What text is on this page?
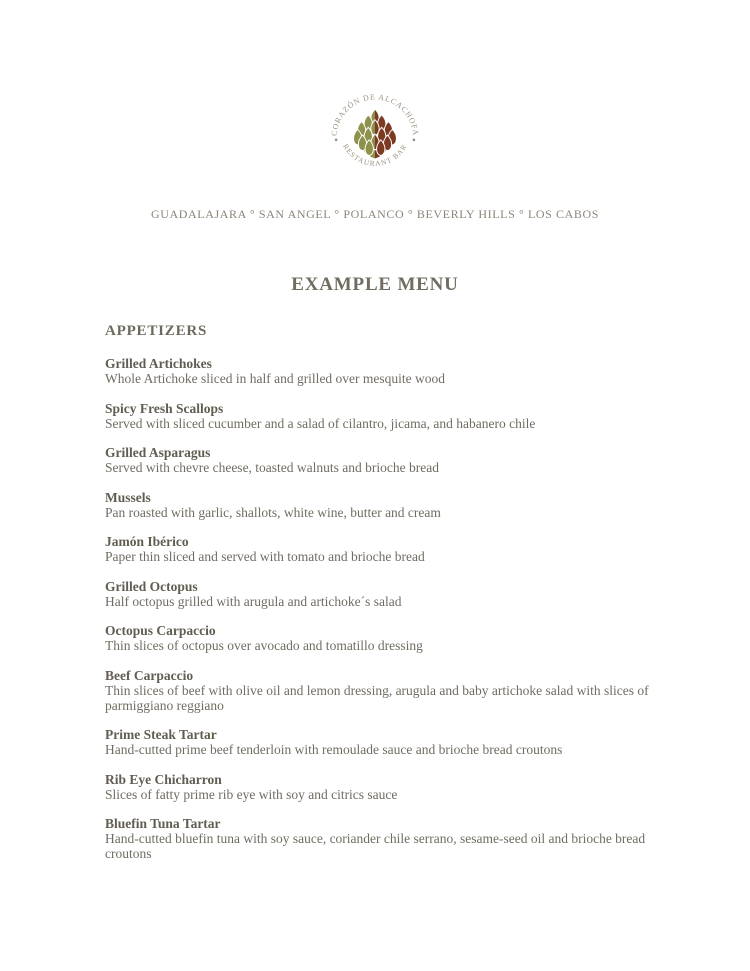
CORAZÓN DE ALCACHOFA
RESTAURANT BAR
GUADALAJARA ° SAN ANGEL ° POLANCO ° BEVERLY HILLS ° LOS CABOS
EXAMPLE MENU
APPETIZERS
Grilled Artichokes
Whole Artichoke sliced in half and grilled over mesquite wood
Spicy Fresh Scallops
Served with sliced cucumber and a salad of cilantro, jicama, and habanero chile
Grilled Asparagus
Served with chevre cheese, toasted walnuts and brioche bread
Mussels
Pan roasted with garlic, shallots, white wine, butter and cream
Jamón Ibérico
Paper thin sliced and served with tomato and brioche bread
Grilled Octopus
Half octopus grilled with arugula and artichoke´s salad
Octopus Carpaccio
Thin slices of octopus over avocado and tomatillo dressing
Beef Carpaccio
Thin slices of beef with olive oil and lemon dressing, arugula and baby artichoke salad with slices of parmiggiano reggiano
Prime Steak Tartar
Hand-cutted prime beef tenderloin with remoulade sauce and brioche bread croutons
Rib Eye Chicharron
Slices of fatty prime rib eye with soy and citrics sauce
Bluefin Tuna Tartar
Hand-cutted bluefin tuna with soy sauce, coriander chile serrano, sesame-seed oil and brioche bread croutons
